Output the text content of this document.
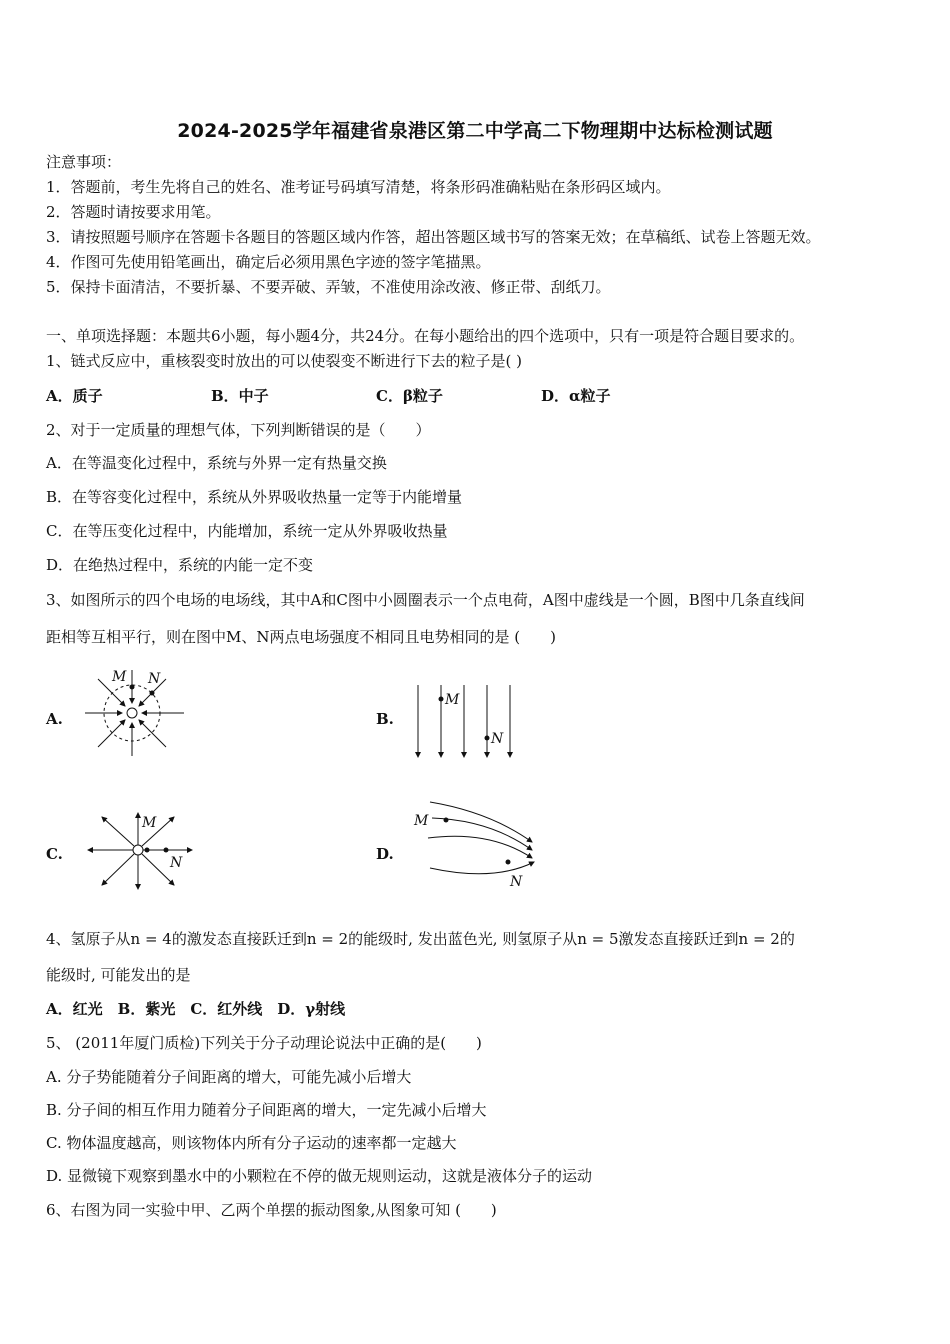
2024-2025学年福建省泉港区第二中学高二下物理期中达标检测试题
注意事项：
1．答题前，考生先将自己的姓名、准考证号码填写清楚，将条形码准确粘贴在条形码区域内。
2．答题时请按要求用笔。
3．请按照题号顺序在答题卡各题目的答题区域内作答，超出答题区域书写的答案无效；在草稿纸、试卷上答题无效。
4．作图可先使用铅笔画出，确定后必须用黑色字迹的签字笔描黑。
5．保持卡面清洁，不要折暴、不要弄破、弄皱，不准使用涂改液、修正带、刮纸刀。
一、单项选择题：本题共6小题，每小题4分，共24分。在每小题给出的四个选项中，只有一项是符合题目要求的。
1、链式反应中，重核裂变时放出的可以使裂变不断进行下去的粒子是( )
A．质子	B．中子	C．β粒子	D．α粒子
2、对于一定质量的理想气体，下列判断错误的是（　　）
A．在等温变化过程中，系统与外界一定有热量交换
B．在等容变化过程中，系统从外界吸收热量一定等于内能增量
C．在等压变化过程中，内能增加，系统一定从外界吸收热量
D．在绝热过程中，系统的内能一定不变
3、如图所示的四个电场的电场线，其中A和C图中小圆圈表示一个点电荷，A图中虚线是一个圆，B图中几条直线间
距相等互相平行，则在图中M、N两点电场强度不相同且电势相同的是 (　　)
A.	B.
C.	D.
M N
M
N
M
N
M
N
4、氢原子从n = 4的激发态直接跃迁到n = 2的能级时, 发出蓝色光, 则氢原子从n = 5激发态直接跃迁到n = 2的
能级时, 可能发出的是
A．红光　B．紫光　C．红外线　D．γ射线
5、 (2011年厦门质检)下列关于分子动理论说法中正确的是(　　)
A. 分子势能随着分子间距离的增大，可能先减小后增大
B. 分子间的相互作用力随着分子间距离的增大，一定先减小后增大
C. 物体温度越高，则该物体内所有分子运动的速率都一定越大
D. 显微镜下观察到墨水中的小颗粒在不停的做无规则运动，这就是液体分子的运动
6、右图为同一实验中甲、乙两个单摆的振动图象,从图象可知 (　　)
